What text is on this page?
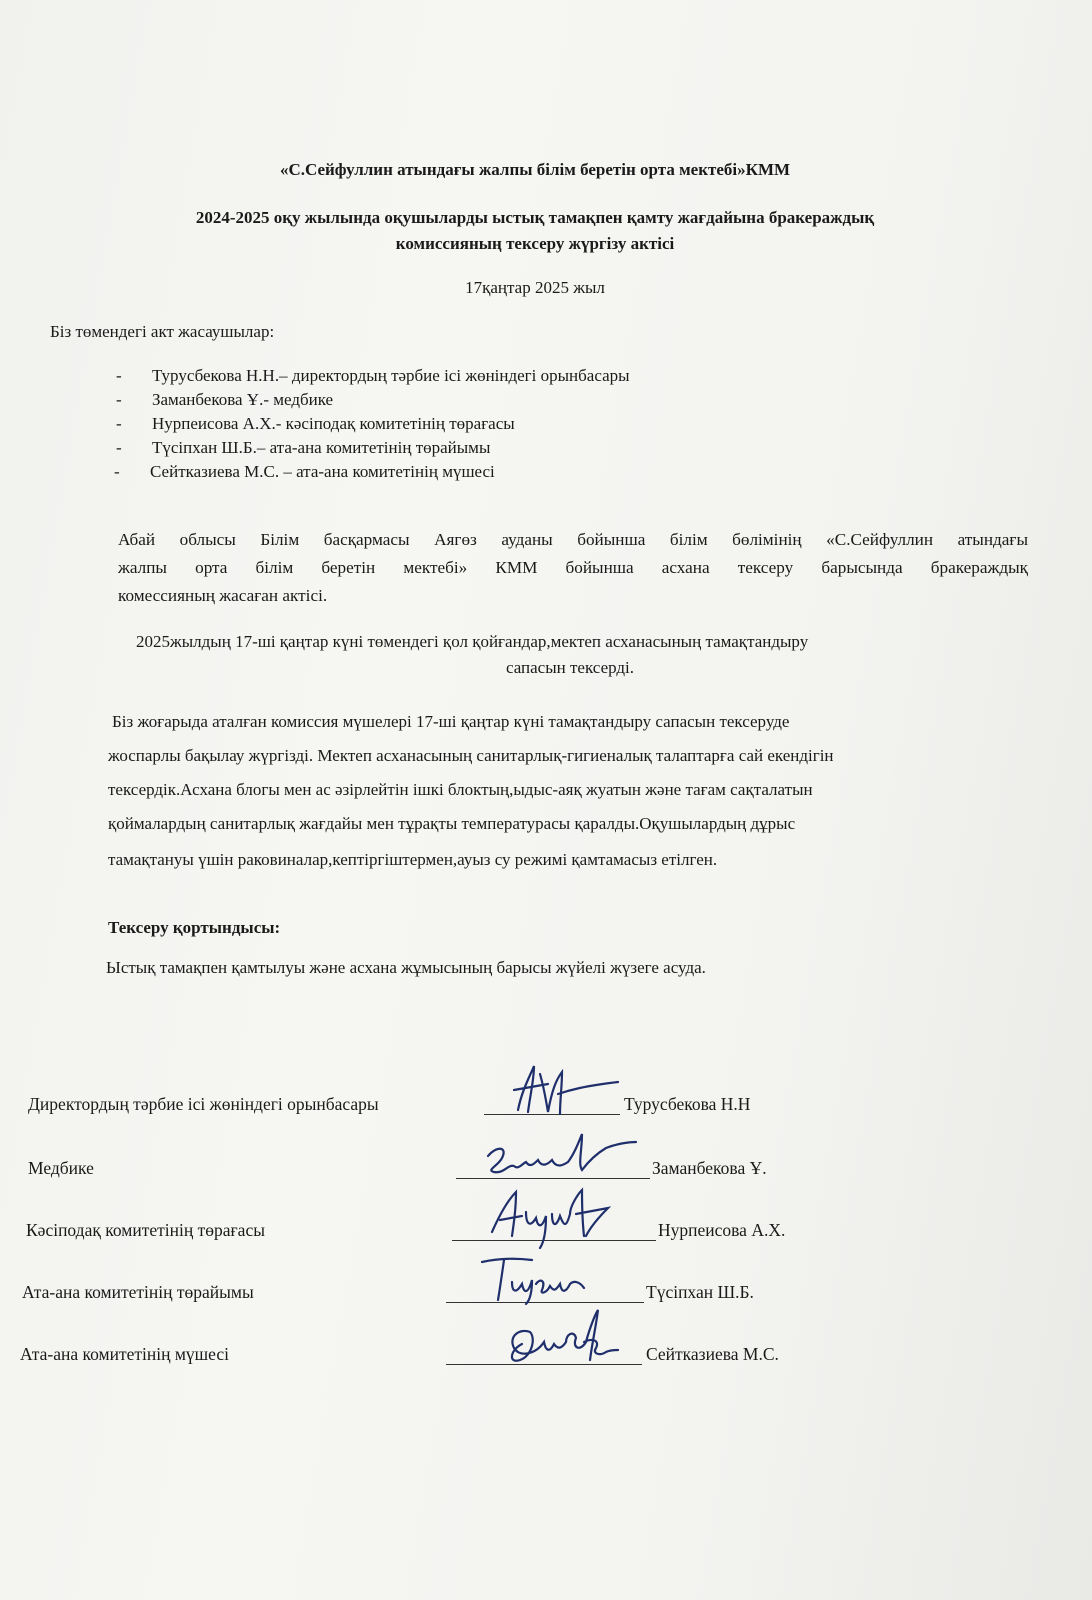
«С.Сейфуллин атындағы жалпы білім беретін орта мектебі»КММ
2024-2025 оқу жылында оқушыларды ыстық тамақпен қамту жағдайына бракераждық
комиссияның тексеру жүргізу актісі
17қаңтар 2025 жыл
Біз төмендегі акт жасаушылар:
- Турусбекова Н.Н.– директордың тәрбие ісі жөніндегі орынбасары
- Заманбекова Ұ.- медбике
- Нурпеисова А.Х.- кәсіподақ комитетінің төрағасы
- Түсіпхан Ш.Б.– ата-ана комитетінің төрайымы
- Сейтказиева М.С. – ата-ана комитетінің мүшесі
Абай облысы Білім басқармасы Аягөз ауданы бойынша білім бөлімінің «С.Сейфуллин атындағы
жалпы орта білім беретін мектебі» КММ бойынша асхана тексеру барысында бракераждық
комессияның жасаған актісі.
2025жылдың 17-ші қаңтар күні төмендегі қол қойғандар,мектеп асханасының тамақтандыру
сапасын тексерді.
Біз жоғарыда аталған комиссия мүшелері 17-ші қаңтар күні тамақтандыру сапасын тексеруде
жоспарлы бақылау жүргізді. Мектеп асханасының санитарлық-гигиеналық талаптарға сай екендігін
тексердік.Асхана блогы мен ас әзірлейтін ішкі блоктың,ыдыс-аяқ жуатын және тағам сақталатын
қоймалардың санитарлық жағдайы мен тұрақты температурасы қаралды.Оқушылардың дұрыс
тамақтануы үшін раковиналар,кептіргіштермен,ауыз су режимі қамтамасыз етілген.
Тексеру қортындысы:
Ыстық тамақпен қамтылуы және асхана жұмысының барысы жүйелі жүзеге асуда.
Директордың тәрбие ісі жөніндегі орынбасары	Турусбекова Н.Н
Медбике	Заманбекова Ұ.
Кәсіподақ комитетінің төрағасы	Нурпеисова А.Х.
Ата-ана комитетінің төрайымы	Түсіпхан Ш.Б.
Ата-ана комитетінің мүшесі	Сейтказиева М.С.
